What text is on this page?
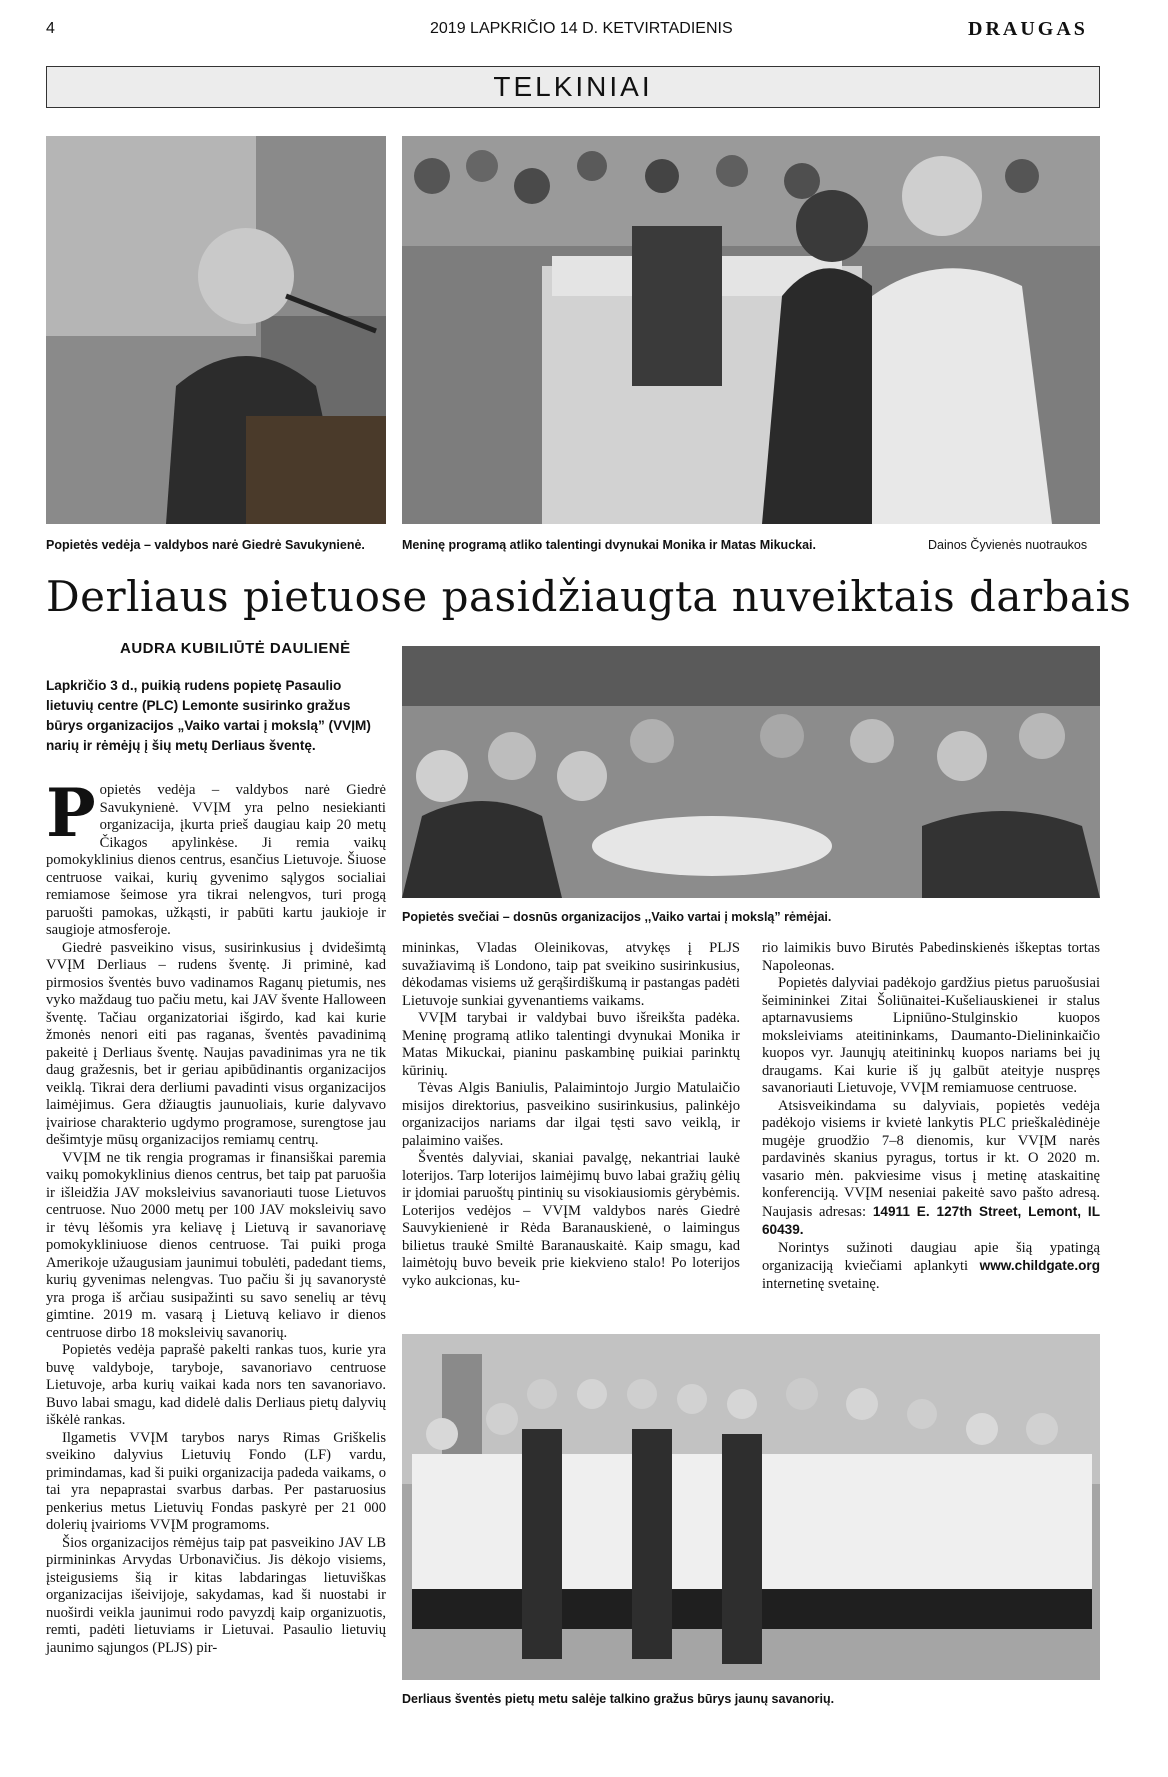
4	2019 LAPKRIČIO 14 D. KETVIRTADIENIS	DRAUGAS
TELKINIAI
Popietės vedėja – valdybos narė Giedrė Savukynienė.	Meninę programą atliko talentingi dvynukai Monika ir Matas Mikuckai.	Dainos Čyvienės nuotraukos
Derliaus pietuose pasidžiaugta nuveiktais darbais
AUDRA KUBILIŪTĖ DAULIENĖ
Lapkričio 3 d., puikią rudens popietę Pasaulio lietuvių centre (PLC) Lemonte susirinko gražus būrys organizacijos „Vaiko vartai į mokslą” (VVĮM) narių ir rėmėjų į šių metų Derliaus šventę.
Popietės svečiai – dosnūs organizacijos ,,Vaiko vartai į mokslą” rėmėjai.

Popietės vedėja – valdybos narė Giedrė Savukynienė. VVĮM yra pelno nesiekianti organizacija, įkurta prieš daugiau kaip 20 metų Čikagos apylinkėse. Ji remia vaikų pomokyklinius dienos centrus, esančius Lietuvoje. Šiuose centruose vaikai, kurių gyvenimo sąlygos socialiai remiamose šeimose yra tikrai nelengvos, turi progą paruošti pamokas, užkąsti, ir pabūti kartu jaukioje ir saugioje atmosferoje.

Giedrė pasveikino visus, susirinkusius į dvidešimtą VVĮM Derliaus – rudens šventę. Ji priminė, kad pirmosios šventės buvo vadinamos Raganų pietumis, nes vyko maždaug tuo pačiu metu, kai JAV švente Halloween šventę. Tačiau organizatoriai išgirdo, kad kai kurie žmonės nenori eiti pas raganas, šventės pavadinimą pakeitė į Derliaus šventę. Naujas pavadinimas yra ne tik daug gražesnis, bet ir geriau apibūdinantis organizacijos veiklą. Tikrai dera derliumi pavadinti visus organizacijos laimėjimus. Gera džiaugtis jaunuoliais, kurie dalyvavo įvairiose charakterio ugdymo programose, surengtose jau dešimtyje mūsų organizacijos remiamų centrų.

VVĮM ne tik rengia programas ir finansiškai paremia vaikų pomokyklinius dienos centrus, bet taip pat paruošia ir išleidžia JAV moksleivius savanoriauti tuose Lietuvos centruose. Nuo 2000 metų per 100 JAV moksleivių savo ir tėvų lėšomis yra keliavę į Lietuvą ir savanoriavę pomokykliniuose dienos centruose. Tai puiki proga Amerikoje užaugusiam jaunimui tobulėti, padedant tiems, kurių gyvenimas nelengvas. Tuo pačiu ši jų savanorystė yra proga iš arčiau susipažinti su savo senelių ar tėvų gimtine. 2019 m. vasarą į Lietuvą keliavo ir dienos centruose dirbo 18 moksleivių savanorių.

Popietės vedėja paprašė pakelti rankas tuos, kurie yra buvę valdyboje, taryboje, savanoriavo centruose Lietuvoje, arba kurių vaikai kada nors ten savanoriavo. Buvo labai smagu, kad didelė dalis Derliaus pietų dalyvių iškėlė rankas.

Ilgametis VVĮM tarybos narys Rimas Griškelis sveikino dalyvius Lietuvių Fondo (LF) vardu, primindamas, kad ši puiki organizacija padeda vaikams, o tai yra nepaprastai svarbus darbas. Per pastaruosius penkerius metus Lietuvių Fondas paskyrė per 21 000 dolerių įvairioms VVĮM programoms.

Šios organizacijos rėmėjus taip pat pasveikino JAV LB pirmininkas Arvydas Urbonavičius. Jis dėkojo visiems, įsteigusiems šią ir kitas labdaringas lietuviškas organizacijas išeivijoje, sakydamas, kad ši nuostabi ir nuoširdi veikla jaunimui rodo pavyzdį kaip organizuotis, remti, padėti lietuviams ir Lietuvai. Pasaulio lietuvių jaunimo sąjungos (PLJS) pir-

mininkas, Vladas Oleinikovas, atvykęs į PLJS suvažiavimą iš Londono, taip pat sveikino susirinkusius, dėkodamas visiems už gerąširdiškumą ir pastangas padėti Lietuvoje sunkiai gyvenantiems vaikams.

VVĮM tarybai ir valdybai buvo išreikšta padėka. Meninę programą atliko talentingi dvynukai Monika ir Matas Mikuckai, pianinu paskambinę puikiai parinktų kūrinių.

Tėvas Algis Baniulis, Palaimintojo Jurgio Matulaičio misijos direktorius, pasveikino susirinkusius, palinkėjo organizacijos nariams dar ilgai tęsti savo veiklą, ir palaimino vaišes.

Šventės dalyviai, skaniai pavalgę, nekantriai laukė loterijos. Tarp loterijos laimėjimų buvo labai gražių gėlių ir įdomiai paruoštų pintinių su visokiausiomis gėrybėmis. Loterijos vedėjos – VVĮM valdybos narės Giedrė Sauvykienienė ir Rėda Baranauskienė, o laimingus bilietus traukė Smiltė Baranauskaitė. Kaip smagu, kad laimėtojų buvo beveik prie kiekvieno stalo! Po loterijos vyko aukcionas, ku-

rio laimikis buvo Birutės Pabedinskienės iškeptas tortas Napoleonas.

Popietės dalyviai padėkojo gardžius pietus paruošusiai šeimininkei Zitai Šoliūnaitei-Kušeliauskienei ir stalus aptarnavusiems Lipniūno-Stulginskio kuopos moksleiviams ateitininkams, Daumanto-Dielininkaičio kuopos vyr. Jaunųjų ateitininkų kuopos nariams bei jų draugams. Kai kurie iš jų galbūt ateityje nuspręs savanoriauti Lietuvoje, VVĮM remiamuose centruose.

Atsisveikindama su dalyviais, popietės vedėja padėkojo visiems ir kvietė lankytis PLC prieškalėdinėje mugėje gruodžio 7–8 dienomis, kur VVĮM narės pardavinės skanius pyragus, tortus ir kt. O 2020 m. vasario mėn. pakviesime visus į metinę ataskaitinę konferenciją. VVĮM neseniai pakeitė savo pašto adresą. Naujasis adresas: 14911 E. 127th Street, Lemont, IL 60439.

Norintys sužinoti daugiau apie šią ypatingą organizaciją kviečiami aplankyti www.childgate.org internetinę svetainę.

Derliaus šventės pietų metu salėje talkino gražus būrys jaunų savanorių.
